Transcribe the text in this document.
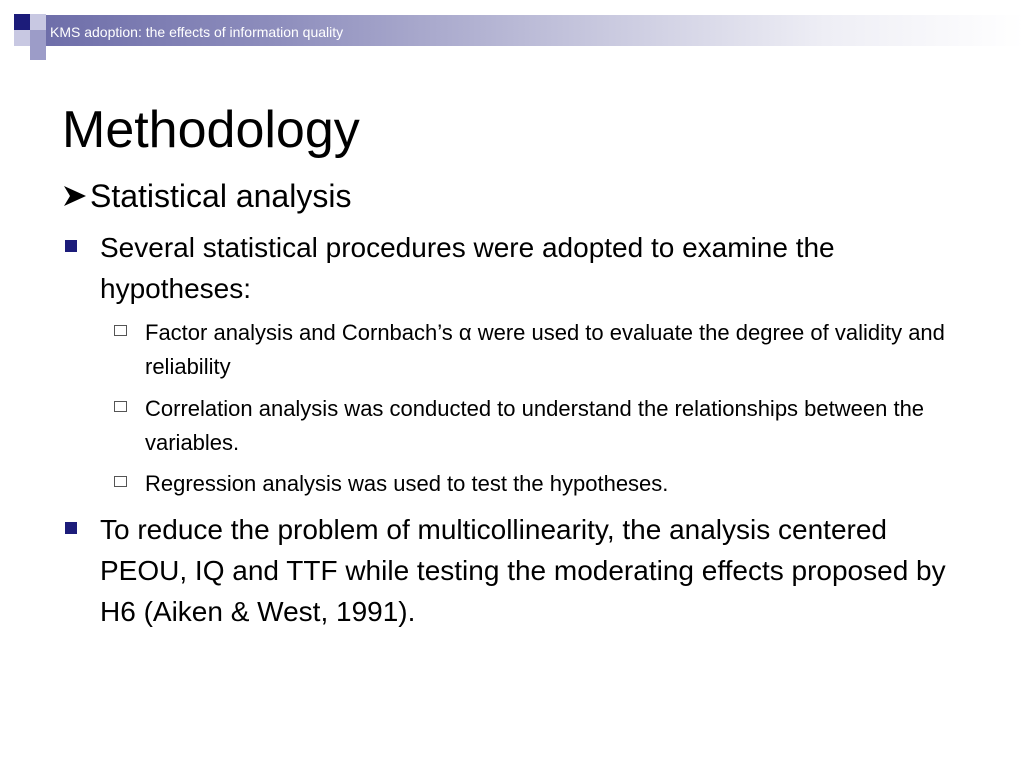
KMS adoption: the effects of information quality
Methodology
Statistical analysis
Several statistical procedures were adopted to examine the hypotheses:
Factor analysis and Cornbach’s α were used to evaluate the degree of validity and reliability
Correlation analysis was conducted to understand the relationships between the variables.
Regression analysis was used to test the hypotheses.
To reduce the problem of multicollinearity, the analysis centered PEOU, IQ and TTF while testing the moderating effects proposed by H6 (Aiken & West, 1991).
